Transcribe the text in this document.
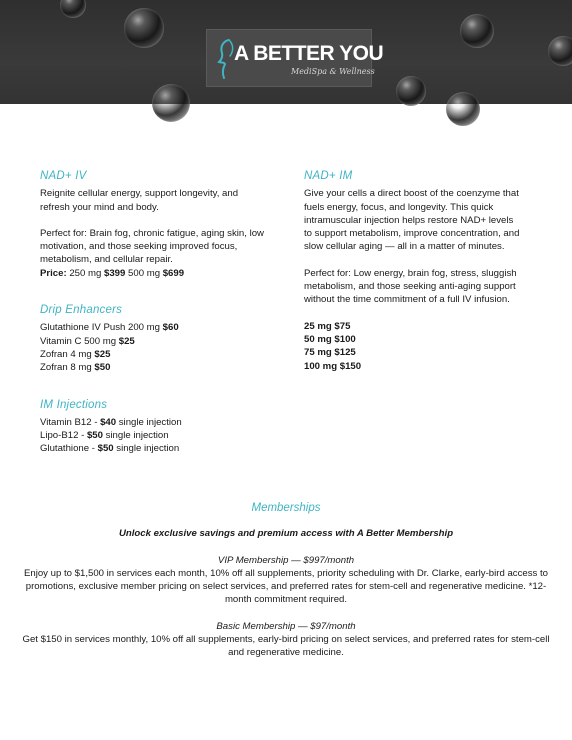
A BETTER YOU
MediSpa & Wellness
NAD+ IV

Reignite cellular energy, support longevity, and refresh your mind and body.

Perfect for: Brain fog, chronic fatigue, aging skin, low motivation, and those seeking improved focus, metabolism, and cellular repair.

Price: 250 mg $399 500 mg $699

Drip Enhancers

Glutathione IV Push 200 mg $60

Vitamin C 500 mg $25

Zofran 4 mg $25

Zofran 8 mg $50

IM Injections

Vitamin B12 - $40 single injection

Lipo-B12 - $50 single injection

Glutathione - $50 single injection

NAD+ IM

Give your cells a direct boost of the coenzyme that fuels energy, focus, and longevity. This quick intramuscular injection helps restore NAD+ levels to support metabolism, improve concentration, and slow cellular aging — all in a matter of minutes.

Perfect for: Low energy, brain fog, stress, sluggish metabolism, and those seeking anti-aging support without the time commitment of a full IV infusion.

25 mg $75

50 mg $100

75 mg $125

100 mg $150

Memberships

Unlock exclusive savings and premium access with A Better Membership

VIP Membership — $997/month

Enjoy up to $1,500 in services each month, 10% off all supplements, priority scheduling with Dr. Clarke, early-bird access to promotions, exclusive member pricing on select services, and preferred rates for stem-cell and regenerative medicine. *12-month commitment required.

Basic Membership — $97/month

Get $150 in services monthly, 10% off all supplements, early-bird pricing on select services, and preferred rates for stem-cell and regenerative medicine.
